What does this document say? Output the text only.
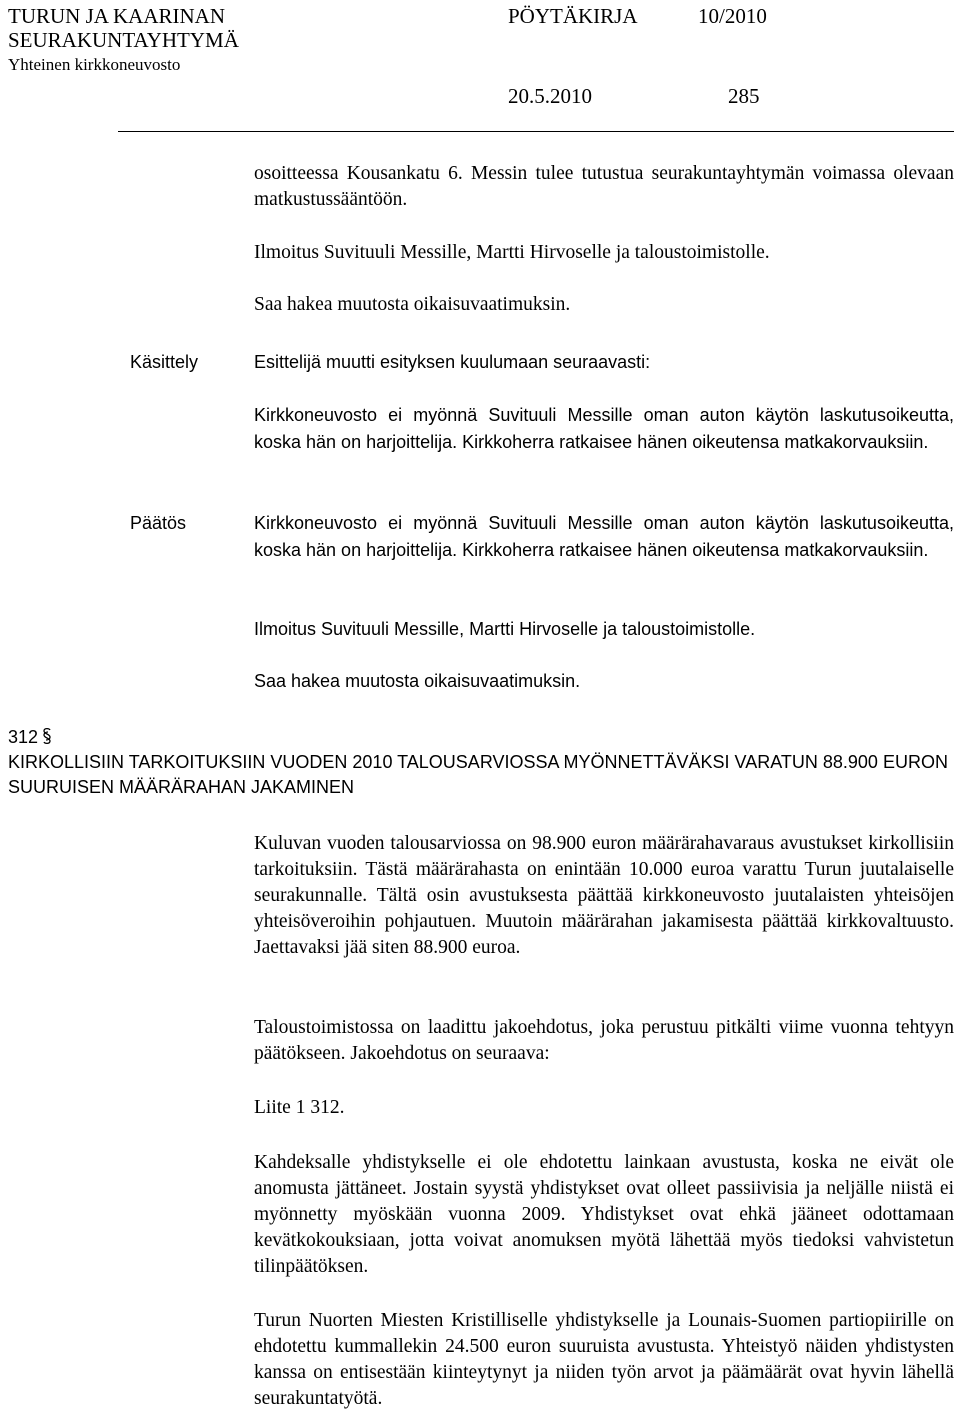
TURUN JA KAARINAN
SEURAKUNTAYHTYMÄ
Yhteinen kirkkoneuvosto
PÖYTÄKIRJA	10/2010
20.5.2010	285
osoitteessa Kousankatu 6. Messin tulee tutustua seurakuntayhtymän voimassa olevaan matkustussääntöön.
Ilmoitus Suvituuli Messille, Martti Hirvoselle ja taloustoimistolle.
Saa hakea muutosta oikaisuvaatimuksin.
Käsittely	Esittelijä muutti esityksen kuulumaan seuraavasti:
Kirkkoneuvosto ei myönnä Suvituuli Messille oman auton käytön laskutusoikeutta, koska hän on harjoittelija. Kirkkoherra ratkaisee hänen oikeutensa matkakorvauksiin.
Päätös	Kirkkoneuvosto ei myönnä Suvituuli Messille oman auton käytön laskutusoikeutta, koska hän on harjoittelija. Kirkkoherra ratkaisee hänen oikeutensa matkakorvauksiin.
Ilmoitus Suvituuli Messille, Martti Hirvoselle ja taloustoimistolle.
Saa hakea muutosta oikaisuvaatimuksin.
312
KIRKOLLISIIN TARKOITUKSIIN VUODEN 2010 TALOUSARVIOSSA MYÖNNETTÄVÄKSI VARATUN 88.900 EURON SUURUISEN MÄÄRÄRAHAN JAKAMINEN
Kuluvan vuoden talousarviossa on 98.900 euron määrärahavaraus avustukset kirkollisiin tarkoituksiin. Tästä määrärahasta on enintään 10.000 euroa varattu Turun juutalaiselle seurakunnalle. Tältä osin avustuksesta päättää kirkkoneuvosto juutalaisten yhteisöjen yhteisöveroihin pohjautuen. Muutoin määrärahan jakamisesta päättää kirkkovaltuusto. Jaettavaksi jää siten 88.900 euroa.
Taloustoimistossa on laadittu jakoehdotus, joka perustuu pitkälti viime vuonna tehtyyn päätökseen. Jakoehdotus on seuraava:
Liite 1 312.
Kahdeksalle yhdistykselle ei ole ehdotettu lainkaan avustusta, koska ne eivät ole anomusta jättäneet. Jostain syystä yhdistykset ovat olleet passiivisia ja neljälle niistä ei myönnetty myöskään vuonna 2009. Yhdistykset ovat ehkä jääneet odottamaan kevätkokouksiaan, jotta voivat anomuksen myötä lähettää myös tiedoksi vahvistetun tilinpäätöksen.
Turun Nuorten Miesten Kristilliselle yhdistykselle ja Lounais-Suomen partiopiirille on ehdotettu kummallekin 24.500 euron suuruista avustusta. Yhteistyö näiden yhdistysten kanssa on entisestään kiinteytynyt ja niiden työn arvot ja päämäärät ovat hyvin lähellä seurakuntatyötä.
